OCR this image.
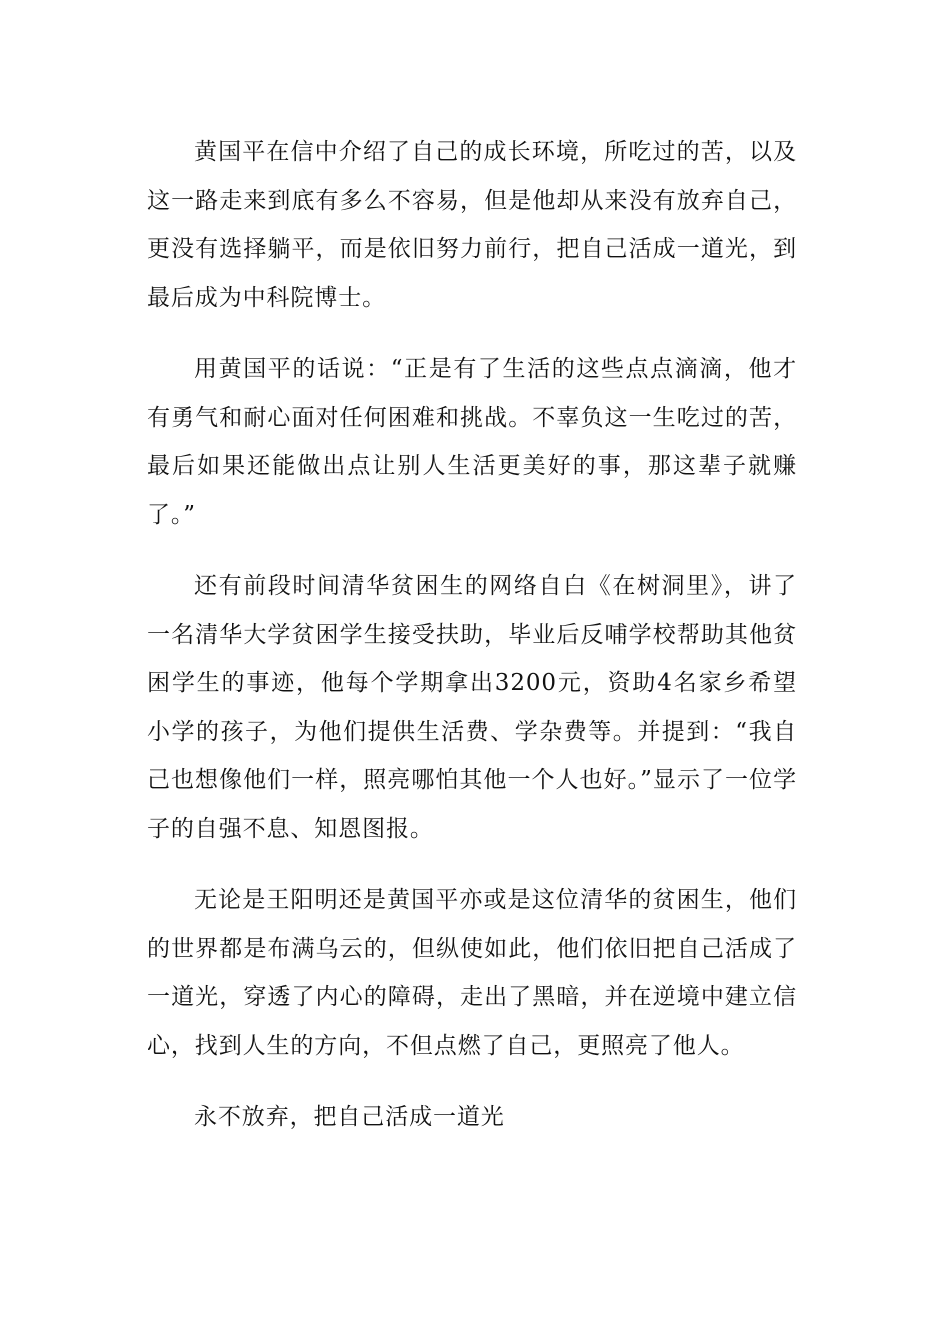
黄国平在信中介绍了自己的成长环境，所吃过的苦，以及这一路走来到底有多么不容易，但是他却从来没有放弃自己，更没有选择躺平，而是依旧努力前行，把自己活成一道光，到最后成为中科院博士。

用黄国平的话说：“正是有了生活的这些点点滴滴，他才有勇气和耐心面对任何困难和挑战。不辜负这一生吃过的苦，最后如果还能做出点让别人生活更美好的事，那这辈子就赚了。”

还有前段时间清华贫困生的网络自白《在树洞里》，讲了一名清华大学贫困学生接受扶助，毕业后反哺学校帮助其他贫困学生的事迹，他每个学期拿出3200元，资助4名家乡希望小学的孩子，为他们提供生活费、学杂费等。并提到：“我自己也想像他们一样，照亮哪怕其他一个人也好。”显示了一位学子的自强不息、知恩图报。

无论是王阳明还是黄国平亦或是这位清华的贫困生，他们的世界都是布满乌云的，但纵使如此，他们依旧把自己活成了一道光，穿透了内心的障碍，走出了黑暗，并在逆境中建立信心，找到人生的方向，不但点燃了自己，更照亮了他人。

永不放弃，把自己活成一道光
